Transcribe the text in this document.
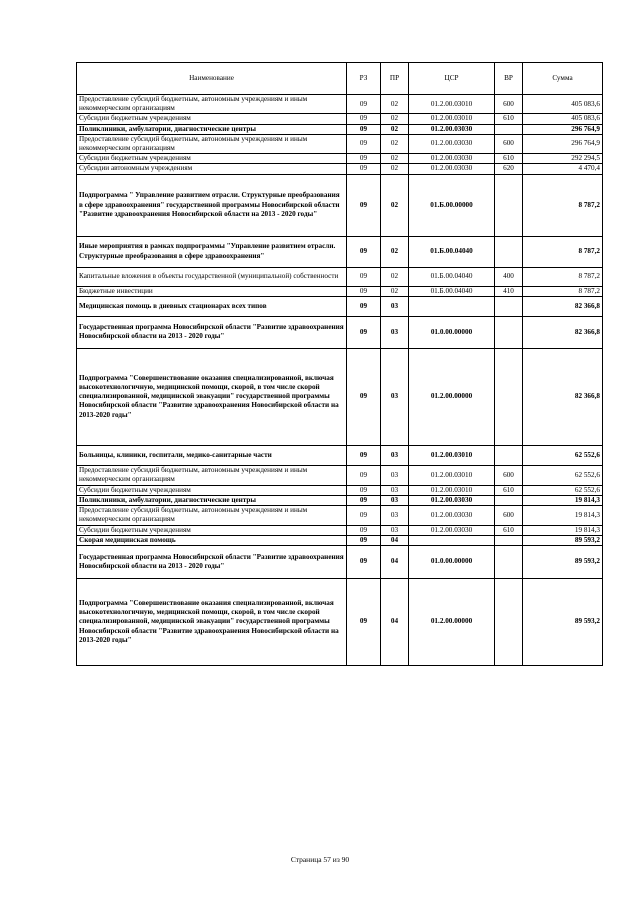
Наименование	РЗ	ПР	ЦСР	ВР	Сумма
Предоставление субсидий бюджетным, автономным учреждениям и иным некоммерческим организациям	09	02	01.2.00.03010	600	405 083,6
Субсидии бюджетным учреждениям	09	02	01.2.00.03010	610	405 083,6
Поликлиники, амбулатории, диагностические центры	09	02	01.2.00.03030		296 764,9
Предоставление субсидий бюджетным, автономным учреждениям и иным некоммерческим организациям	09	02	01.2.00.03030	600	296 764,9
Субсидии бюджетным учреждениям	09	02	01.2.00.03030	610	292 294,5
Субсидии автономным учреждениям	09	02	01.2.00.03030	620	4 470,4
Подпрограмма " Управление развитием отрасли. Структурные преобразования в сфере здравоохранения" государственной программы Новосибирской области "Развитие здравоохранения Новосибирской области на 2013 - 2020 годы"	09	02	01.Б.00.00000		8 787,2
Иные мероприятия в рамках подпрограммы "Управление развитием отрасли. Структурные преобразования в сфере здравоохранения"	09	02	01.Б.00.04040		8 787,2
Капитальные вложения в объекты государственной (муниципальной) собственности	09	02	01.Б.00.04040	400	8 787,2
Бюджетные инвестиции	09	02	01.Б.00.04040	410	8 787,2
Медицинская помощь в дневных стационарах всех типов	09	03			82 366,8
Государственная программа Новосибирской области "Развитие здравоохранения Новосибирской области на 2013 - 2020 годы"	09	03	01.0.00.00000		82 366,8
Подпрограмма "Совершенствование оказания специализированной, включая высокотехнологичную, медицинской помощи, скорой, в том числе скорой специализированной, медицинской эвакуации" государственной программы Новосибирской области "Развитие здравоохранения Новосибирской области на 2013-2020 годы"	09	03	01.2.00.00000		82 366,8
Больницы, клиники, госпитали, медико-санитарные части	09	03	01.2.00.03010		62 552,6
Предоставление субсидий бюджетным, автономным учреждениям и иным некоммерческим организациям	09	03	01.2.00.03010	600	62 552,6
Субсидии бюджетным учреждениям	09	03	01.2.00.03010	610	62 552,6
Поликлиники, амбулатории, диагностические центры	09	03	01.2.00.03030		19 814,3
Предоставление субсидий бюджетным, автономным учреждениям и иным некоммерческим организациям	09	03	01.2.00.03030	600	19 814,3
Субсидии бюджетным учреждениям	09	03	01.2.00.03030	610	19 814,3
Скорая медицинская помощь	09	04			89 593,2
Государственная программа Новосибирской области "Развитие здравоохранения Новосибирской области на 2013 - 2020 годы"	09	04	01.0.00.00000		89 593,2
Подпрограмма "Совершенствование оказания специализированной, включая высокотехнологичную, медицинской помощи, скорой, в том числе скорой специализированной, медицинской эвакуации" государственной программы Новосибирской области "Развитие здравоохранения Новосибирской области на 2013-2020 годы"	09	04	01.2.00.00000		89 593,2
Страница 57 из 90
